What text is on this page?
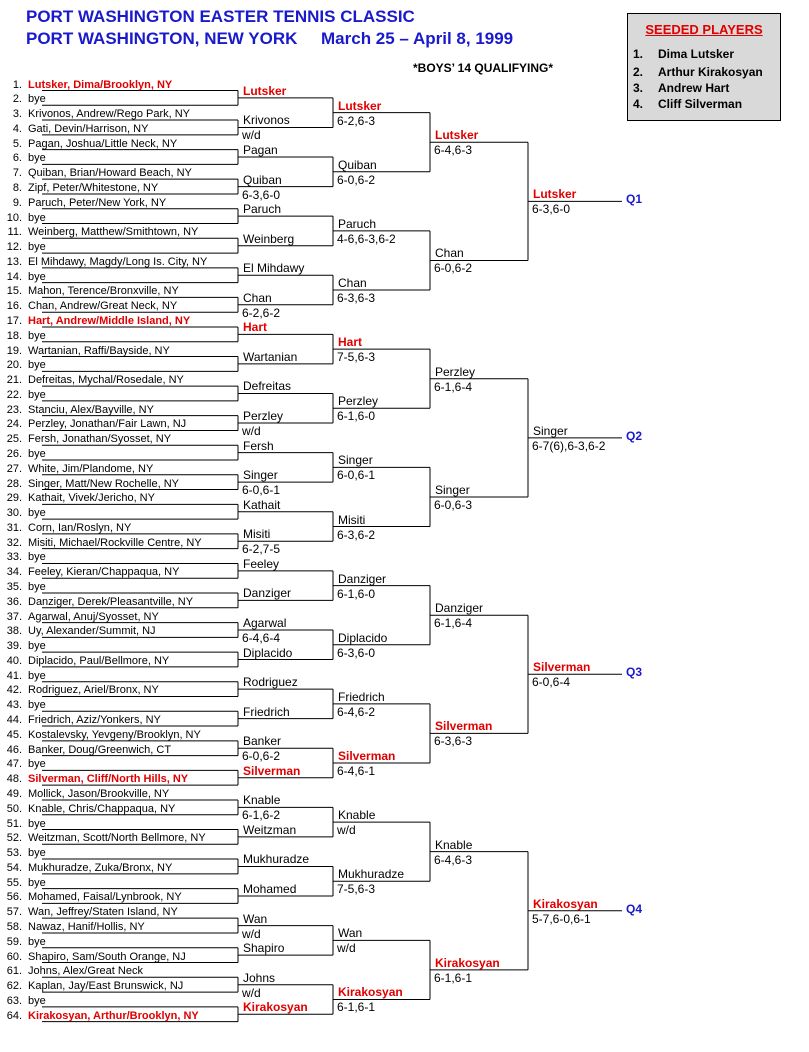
PORT WASHINGTON EASTER TENNIS CLASSIC
PORT WASHINGTON, NEW YORK     March 25 – April 8, 1999
*BOYS’ 14 QUALIFYING*
SEEDED PLAYERS
1. Dima Lutsker
2. Arthur Kirakosyan
3. Andrew Hart
4. Cliff Silverman
1. Lutsker, Dima/Brooklyn, NY
2. bye
3. Krivonos, Andrew/Rego Park, NY
4. Gati, Devin/Harrison, NY
5. Pagan, Joshua/Little Neck, NY
6. bye
7. Quiban, Brian/Howard Beach, NY
8. Zipf, Peter/Whitestone, NY
9. Paruch, Peter/New York, NY
10. bye
11. Weinberg, Matthew/Smithtown, NY
12. bye
13. El Mihdawy, Magdy/Long Is. City, NY
14. bye
15. Mahon, Terence/Bronxville, NY
16. Chan, Andrew/Great Neck, NY
17. Hart, Andrew/Middle Island, NY
18. bye
19. Wartanian, Raffi/Bayside, NY
20. bye
21. Defreitas, Mychal/Rosedale, NY
22. bye
23. Stanciu, Alex/Bayville, NY
24. Perzley, Jonathan/Fair Lawn, NJ
25. Fersh, Jonathan/Syosset, NY
26. bye
27. White, Jim/Plandome, NY
28. Singer, Matt/New Rochelle, NY
29. Kathait, Vivek/Jericho, NY
30. bye
31. Corn, Ian/Roslyn, NY
32. Misiti, Michael/Rockville Centre, NY
33. bye
34. Feeley, Kieran/Chappaqua, NY
35. bye
36. Danziger, Derek/Pleasantville, NY
37. Agarwal, Anuj/Syosset, NY
38. Uy, Alexander/Summit, NJ
39. bye
40. Diplacido, Paul/Bellmore, NY
41. bye
42. Rodriguez, Ariel/Bronx, NY
43. bye
44. Friedrich, Aziz/Yonkers, NY
45. Kostalevsky, Yevgeny/Brooklyn, NY
46. Banker, Doug/Greenwich, CT
47. bye
48. Silverman, Cliff/North Hills, NY
49. Mollick, Jason/Brookville, NY
50. Knable, Chris/Chappaqua, NY
51. bye
52. Weitzman, Scott/North Bellmore, NY
53. bye
54. Mukhuradze, Zuka/Bronx, NY
55. bye
56. Mohamed, Faisal/Lynbrook, NY
57. Wan, Jeffrey/Staten Island, NY
58. Nawaz, Hanif/Hollis, NY
59. bye
60. Shapiro, Sam/South Orange, NJ
61. Johns, Alex/Great Neck
62. Kaplan, Jay/East Brunswick, NJ
63. bye
64. Kirakosyan, Arthur/Brooklyn, NY
Lutsker
Krivonos
w/d
Pagan
Quiban
6-3,6-0
Paruch
Weinberg
El Mihdawy
Chan
6-2,6-2
Hart
Wartanian
Defreitas
Perzley
w/d
Fersh
Singer
6-0,6-1
Kathait
Misiti
6-2,7-5
Feeley
Danziger
Agarwal
6-4,6-4
Diplacido
Rodriguez
Friedrich
Banker
6-0,6-2
Silverman
Knable
6-1,6-2
Weitzman
Mukhuradze
Mohamed
Wan
w/d
Shapiro
Johns
w/d
Kirakosyan
Lutsker
6-2,6-3
Quiban
6-0,6-2
Paruch
4-6,6-3,6-2
Chan
6-3,6-3
Hart
7-5,6-3
Perzley
6-1,6-0
Singer
6-0,6-1
Misiti
6-3,6-2
Danziger
6-1,6-0
Diplacido
6-3,6-0
Friedrich
6-4,6-2
Silverman
6-4,6-1
Knable
w/d
Mukhuradze
7-5,6-3
Wan
w/d
Kirakosyan
6-1,6-1
Lutsker
6-4,6-3
Chan
6-0,6-2
Perzley
6-1,6-4
Singer
6-0,6-3
Danziger
6-1,6-4
Silverman
6-3,6-3
Knable
6-4,6-3
Kirakosyan
6-1,6-1
Lutsker
6-3,6-0
Q1
Singer
6-7(6),6-3,6-2
Q2
Silverman
6-0,6-4
Q3
Kirakosyan
5-7,6-0,6-1
Q4
